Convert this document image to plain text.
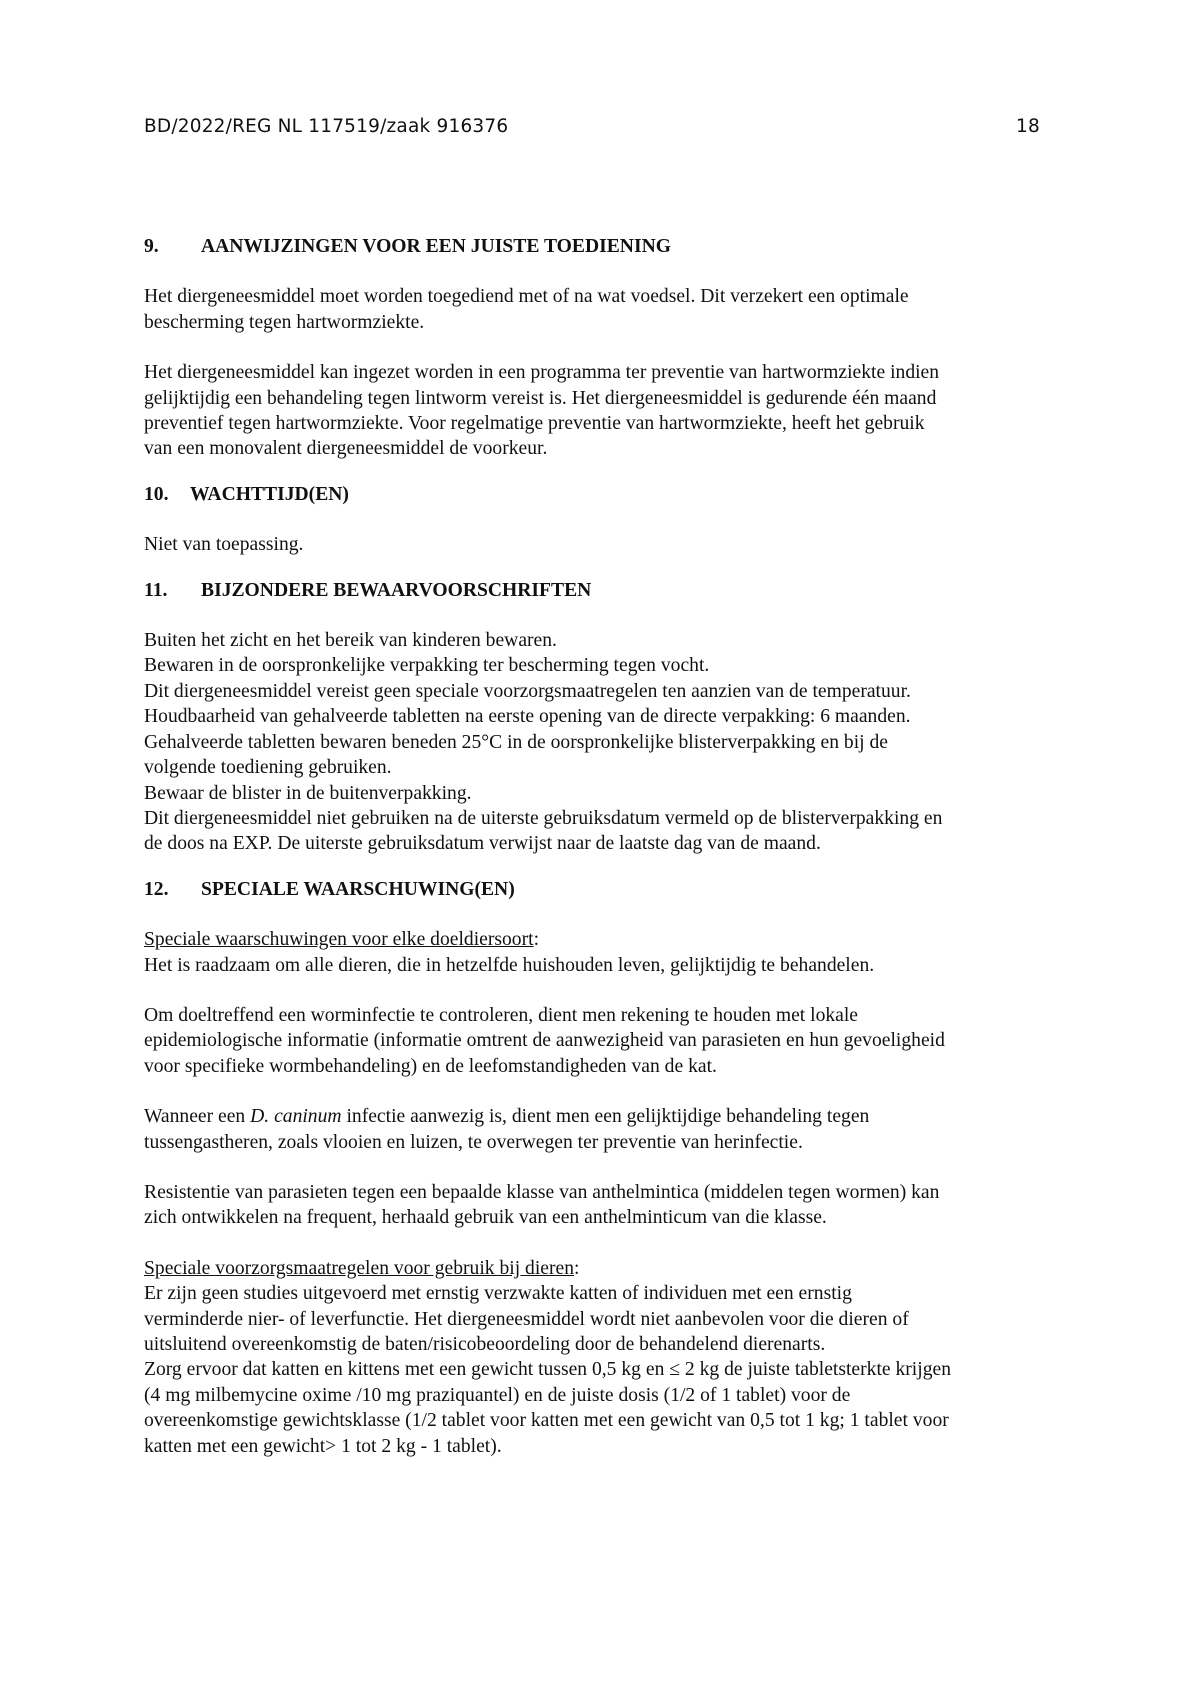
BD/2022/REG NL 117519/zaak 916376	18
9.	AANWIJZINGEN VOOR EEN JUISTE TOEDIENING

Het diergeneesmiddel moet worden toegediend met of na wat voedsel. Dit verzekert een optimale
bescherming tegen hartwormziekte.

Het diergeneesmiddel kan ingezet worden in een programma ter preventie van hartwormziekte indien
gelijktijdig een behandeling tegen lintworm vereist is. Het diergeneesmiddel is gedurende één maand
preventief tegen hartwormziekte. Voor regelmatige preventie van hartwormziekte, heeft het gebruik
van een monovalent diergeneesmiddel de voorkeur.

10.	WACHTTIJD(EN)

Niet van toepassing.

11.	BIJZONDERE BEWAARVOORSCHRIFTEN

Buiten het zicht en het bereik van kinderen bewaren.
Bewaren in de oorspronkelijke verpakking ter bescherming tegen vocht.
Dit diergeneesmiddel vereist geen speciale voorzorgsmaatregelen ten aanzien van de temperatuur.
Houdbaarheid van gehalveerde tabletten na eerste opening van de directe verpakking: 6 maanden.
Gehalveerde tabletten bewaren beneden 25°C in de oorspronkelijke blisterverpakking en bij de
volgende toediening gebruiken.
Bewaar de blister in de buitenverpakking.
Dit diergeneesmiddel niet gebruiken na de uiterste gebruiksdatum vermeld op de blisterverpakking en
de doos na EXP. De uiterste gebruiksdatum verwijst naar de laatste dag van de maand.

12.	SPECIALE WAARSCHUWING(EN)

Speciale waarschuwingen voor elke doeldiersoort:
Het is raadzaam om alle dieren, die in hetzelfde huishouden leven, gelijktijdig te behandelen.

Om doeltreffend een worminfectie te controleren, dient men rekening te houden met lokale
epidemiologische informatie (informatie omtrent de aanwezigheid van parasieten en hun gevoeligheid
voor specifieke wormbehandeling) en de leefomstandigheden van de kat.

Wanneer een D. caninum infectie aanwezig is, dient men een gelijktijdige behandeling tegen
tussengastheren, zoals vlooien en luizen, te overwegen ter preventie van herinfectie.

Resistentie van parasieten tegen een bepaalde klasse van anthelmintica (middelen tegen wormen) kan
zich ontwikkelen na frequent, herhaald gebruik van een anthelminticum van die klasse.

Speciale voorzorgsmaatregelen voor gebruik bij dieren:
Er zijn geen studies uitgevoerd met ernstig verzwakte katten of individuen met een ernstig
verminderde nier- of leverfunctie. Het diergeneesmiddel wordt niet aanbevolen voor die dieren of
uitsluitend overeenkomstig de baten/risicobeoordeling door de behandelend dierenarts.
Zorg ervoor dat katten en kittens met een gewicht tussen 0,5 kg en ≤ 2 kg de juiste tabletsterkte krijgen
(4 mg milbemycine oxime /10 mg praziquantel) en de juiste dosis (1/2 of 1 tablet) voor de
overeenkomstige gewichtsklasse (1/2 tablet voor katten met een gewicht van 0,5 tot 1 kg; 1 tablet voor
katten met een gewicht> 1 tot 2 kg - 1 tablet).
